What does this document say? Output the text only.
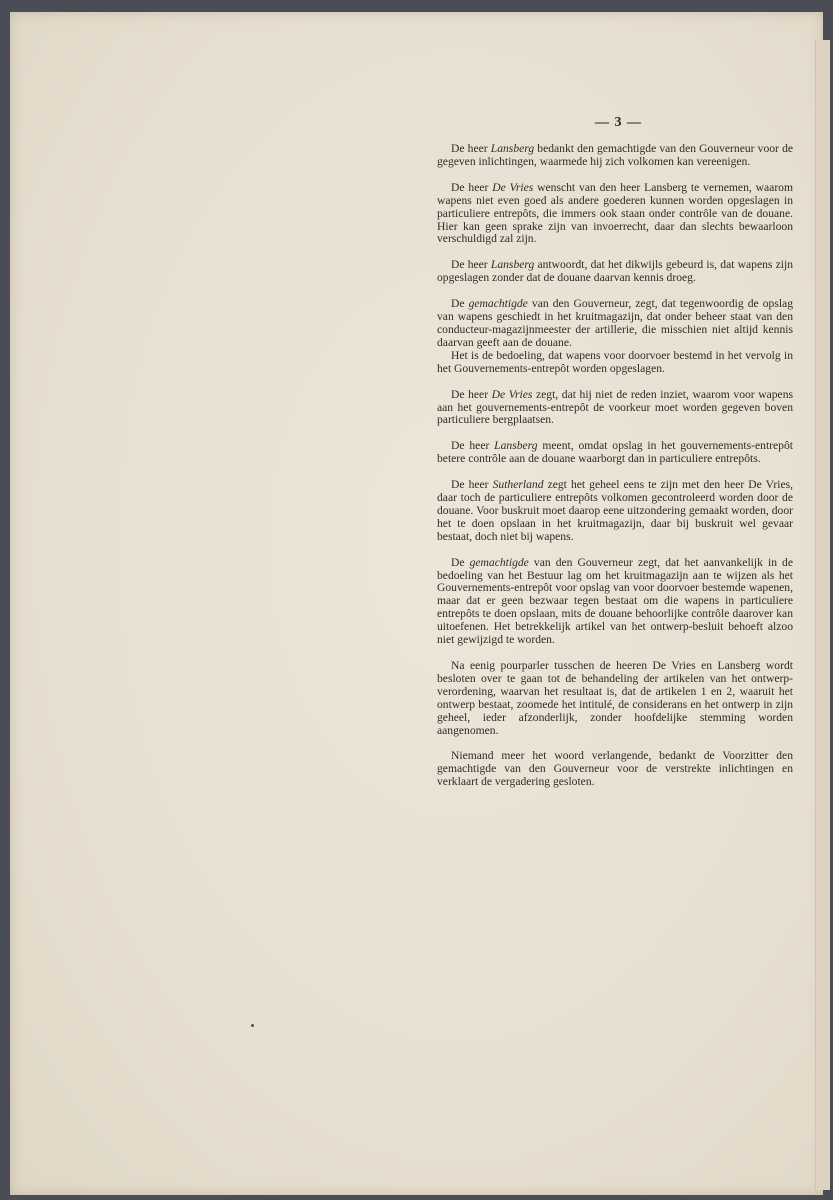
— 3 —

De heer Lansberg bedankt den gemachtigde van den Gouverneur voor de gegeven inlichtingen, waarmede hij zich volkomen kan vereenigen.

De heer De Vries wenscht van den heer Lansberg te vernemen, waarom wapens niet even goed als andere goederen kunnen worden opgeslagen in particuliere entrepôts, die immers ook staan onder contrôle van de douane. Hier kan geen sprake zijn van invoerrecht, daar dan slechts bewaarloon verschuldigd zal zijn.

De heer Lansberg antwoordt, dat het dikwijls gebeurd is, dat wapens zijn opgeslagen zonder dat de douane daarvan kennis droeg.

De gemachtigde van den Gouverneur, zegt, dat tegenwoordig de opslag van wapens geschiedt in het kruitmagazijn, dat onder beheer staat van den conducteur-magazijnmeester der artillerie, die misschien niet altijd kennis daarvan geeft aan de douane.

Het is de bedoeling, dat wapens voor doorvoer bestemd in het vervolg in het Gouvernements-entrepôt worden opgeslagen.

De heer De Vries zegt, dat hij niet de reden inziet, waarom voor wapens aan het gouvernements-entrepôt de voorkeur moet worden gegeven boven particuliere bergplaatsen.

De heer Lansberg meent, omdat opslag in het gouvernements-entrepôt betere contrôle aan de douane waarborgt dan in particuliere entrepôts.

De heer Sutherland zegt het geheel eens te zijn met den heer De Vries, daar toch de particuliere entrepôts volkomen gecontroleerd worden door de douane. Voor buskruit moet daarop eene uitzondering gemaakt worden, door het te doen opslaan in het kruitmagazijn, daar bij buskruit wel gevaar bestaat, doch niet bij wapens.

De gemachtigde van den Gouverneur zegt, dat het aanvankelijk in de bedoeling van het Bestuur lag om het kruitmagazijn aan te wijzen als het Gouvernements-entrepôt voor opslag van voor doorvoer bestemde wapenen, maar dat er geen bezwaar tegen bestaat om die wapens in particuliere entrepôts te doen opslaan, mits de douane behoorlijke contrôle daarover kan uitoefenen. Het betrekkelijk artikel van het ontwerp-besluit behoeft alzoo niet gewijzigd te worden.

Na eenig pourparler tusschen de heeren De Vries en Lansberg wordt besloten over te gaan tot de behandeling der artikelen van het ontwerp-verordening, waarvan het resultaat is, dat de artikelen 1 en 2, waaruit het ontwerp bestaat, zoomede het intitulé, de considerans en het ontwerp in zijn geheel, ieder afzonderlijk, zonder hoofdelijke stemming worden aangenomen.

Niemand meer het woord verlangende, bedankt de Voorzitter den gemachtigde van den Gouverneur voor de verstrekte inlichtingen en verklaart de vergadering gesloten.
